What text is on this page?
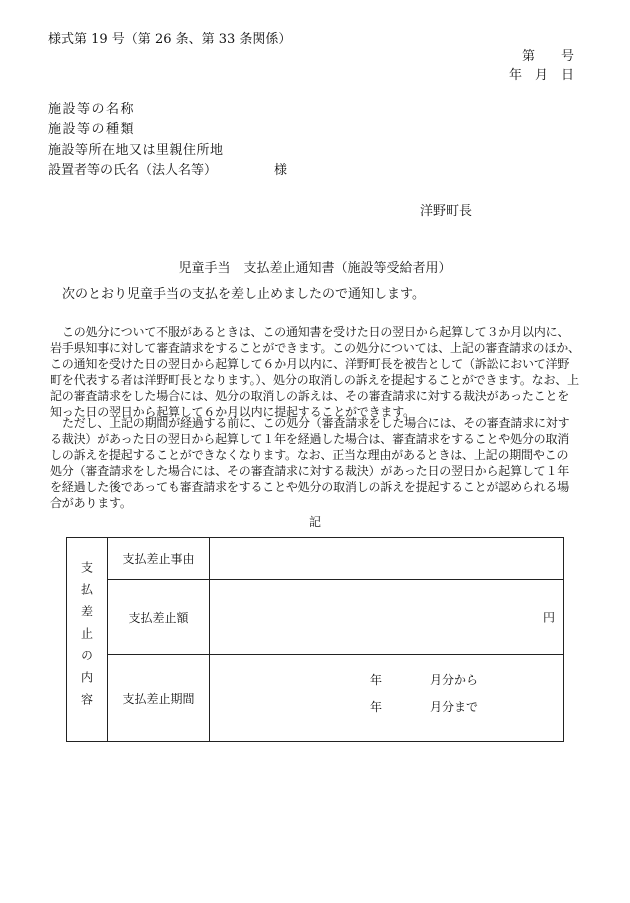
様式第 19 号（第 26 条、第 33 条関係）
第　　号
年　月　日
施設等の名称
施設等の種類
施設等所在地又は里親住所地
設置者等の氏名（法人名等）	様
洋野町長
児童手当　支払差止通知書（施設等受給者用）
次のとおり児童手当の支払を差し止めましたので通知します。
この処分について不服があるときは、この通知書を受けた日の翌日から起算して３か月以内に、岩手県知事に対して審査請求をすることができます。この処分については、上記の審査請求のほか、この通知を受けた日の翌日から起算して６か月以内に、洋野町長を被告として（訴訟において洋野町を代表する者は洋野町長となります。）、処分の取消しの訴えを提起することができます。なお、上記の審査請求をした場合には、処分の取消しの訴えは、その審査請求に対する裁決があったことを知った日の翌日から起算して６か月以内に提起することができます。
ただし、上記の期間が経過する前に、この処分（審査請求をした場合には、その審査請求に対する裁決）があった日の翌日から起算して１年を経過した場合は、審査請求をすることや処分の取消しの訴えを提起することができなくなります。なお、正当な理由があるときは、上記の期間やこの処分（審査請求をした場合には、その審査請求に対する裁決）があった日の翌日から起算して１年を経過した後であっても審査請求をすることや処分の取消しの訴えを提起することが認められる場合があります。
記
支払差止の内容	支払差止事由	
	支払差止額	円

	支払差止期間	年 月分から
年 月分まで
